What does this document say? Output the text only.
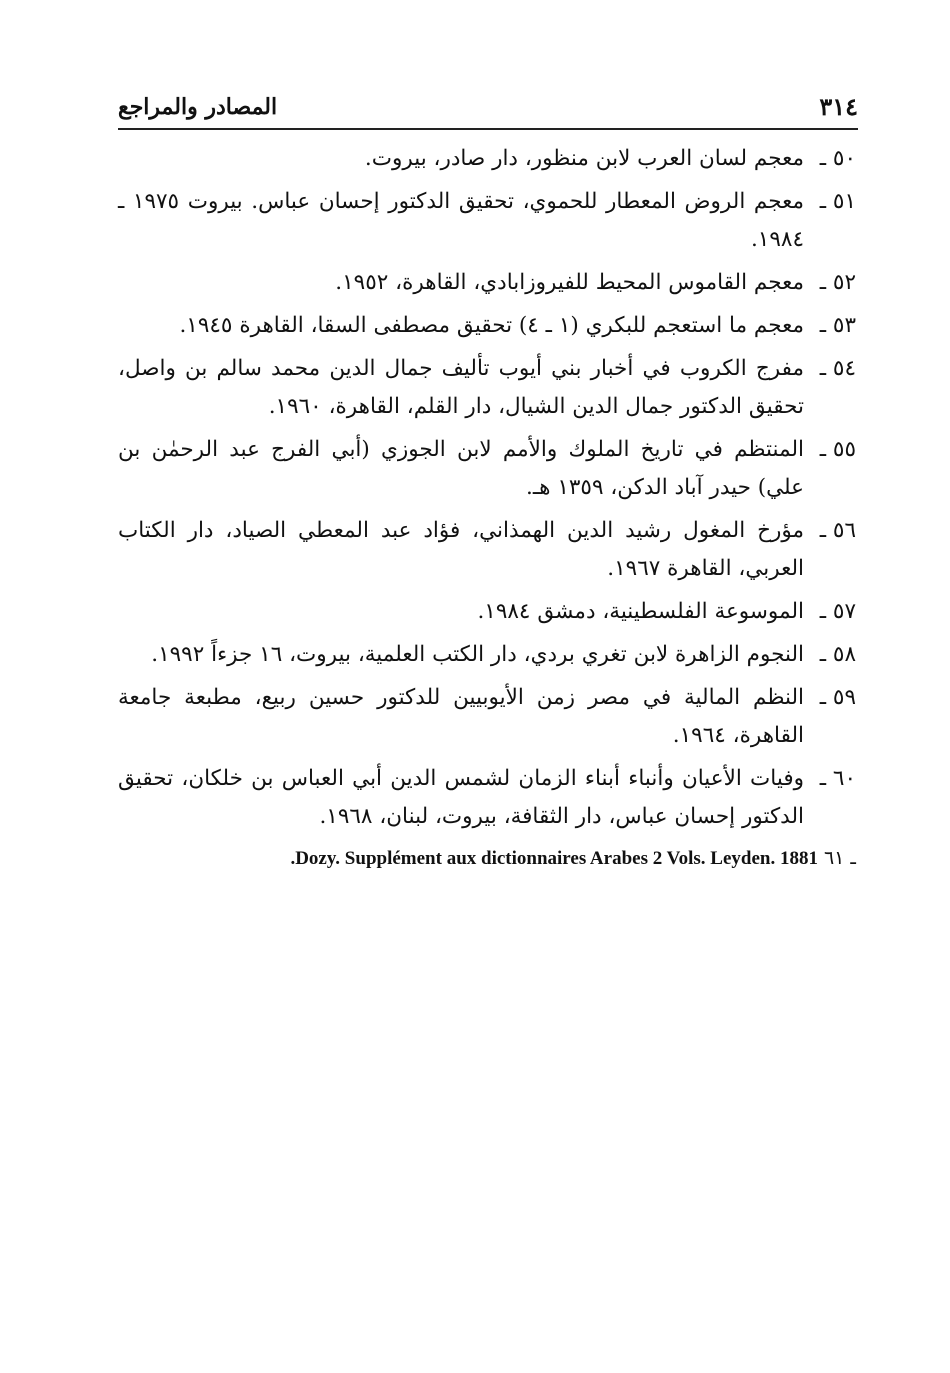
٣١٤
المصادر والمراجع
٥٠ ـ
معجم لسان العرب لابن منظور، دار صادر، بيروت.
٥١ ـ
معجم الروض المعطار للحموي، تحقيق الدكتور إحسان عباس. بيروت ١٩٧٥ ـ ١٩٨٤.
٥٢ ـ
معجم القاموس المحيط للفيروزابادي، القاهرة، ١٩٥٢.
٥٣ ـ
معجم ما استعجم للبكري (١ ـ ٤) تحقيق مصطفى السقا، القاهرة ١٩٤٥.
٥٤ ـ
مفرج الكروب في أخبار بني أيوب تأليف جمال الدين محمد سالم بن واصل، تحقيق الدكتور جمال الدين الشيال، دار القلم، القاهرة، ١٩٦٠.
٥٥ ـ
المنتظم في تاريخ الملوك والأمم لابن الجوزي (أبي الفرج عبد الرحمٰن بن علي) حيدر آباد الدكن، ١٣٥٩ هـ.
٥٦ ـ
مؤرخ المغول رشيد الدين الهمذاني، فؤاد عبد المعطي الصياد، دار الكتاب العربي، القاهرة ١٩٦٧.
٥٧ ـ
الموسوعة الفلسطينية، دمشق ١٩٨٤.
٥٨ ـ
النجوم الزاهرة لابن تغري بردي، دار الكتب العلمية، بيروت، ١٦ جزءاً ١٩٩٢.
٥٩ ـ
النظم المالية في مصر زمن الأيوبيين للدكتور حسين ربيع، مطبعة جامعة القاهرة، ١٩٦٤.
٦٠ ـ
وفيات الأعيان وأنباء أبناء الزمان لشمس الدين أبي العباس بن خلكان، تحقيق الدكتور إحسان عباس، دار الثقافة، بيروت، لبنان، ١٩٦٨.
.Dozy. Supplément aux dictionnaires Arabes 2 Vols. Leyden. 1881 ـ ٦١
